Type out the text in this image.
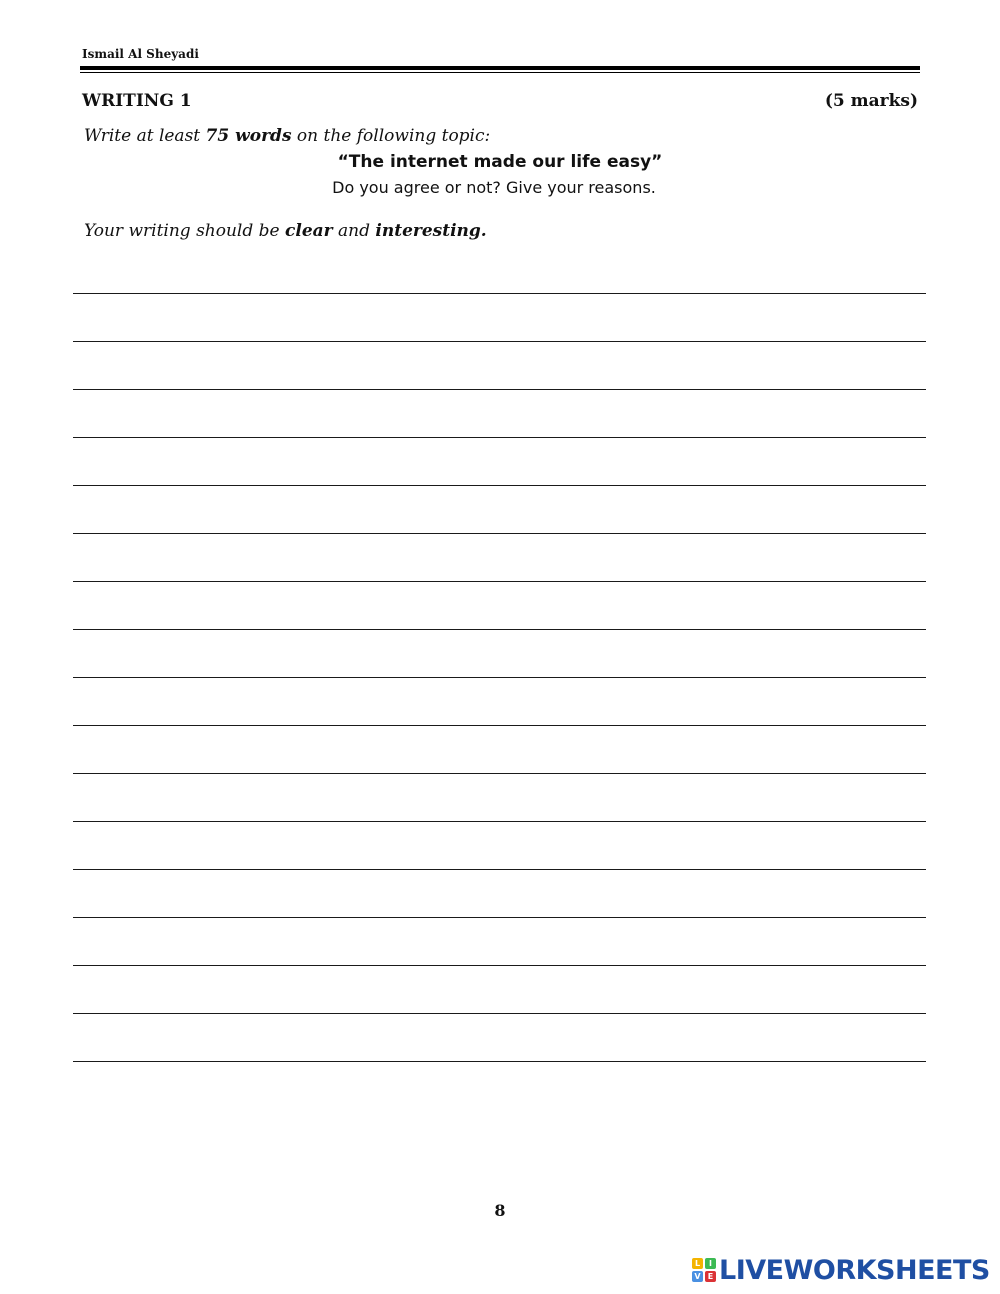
Ismail Al Sheyadi
WRITING 1	(5 marks)
Write at least 75 words on the following topic:
“The internet made our life easy”
Do you agree or not? Give your reasons.
Your writing should be clear and interesting.
8
L	I
V E LIVEWORKSHEETS
